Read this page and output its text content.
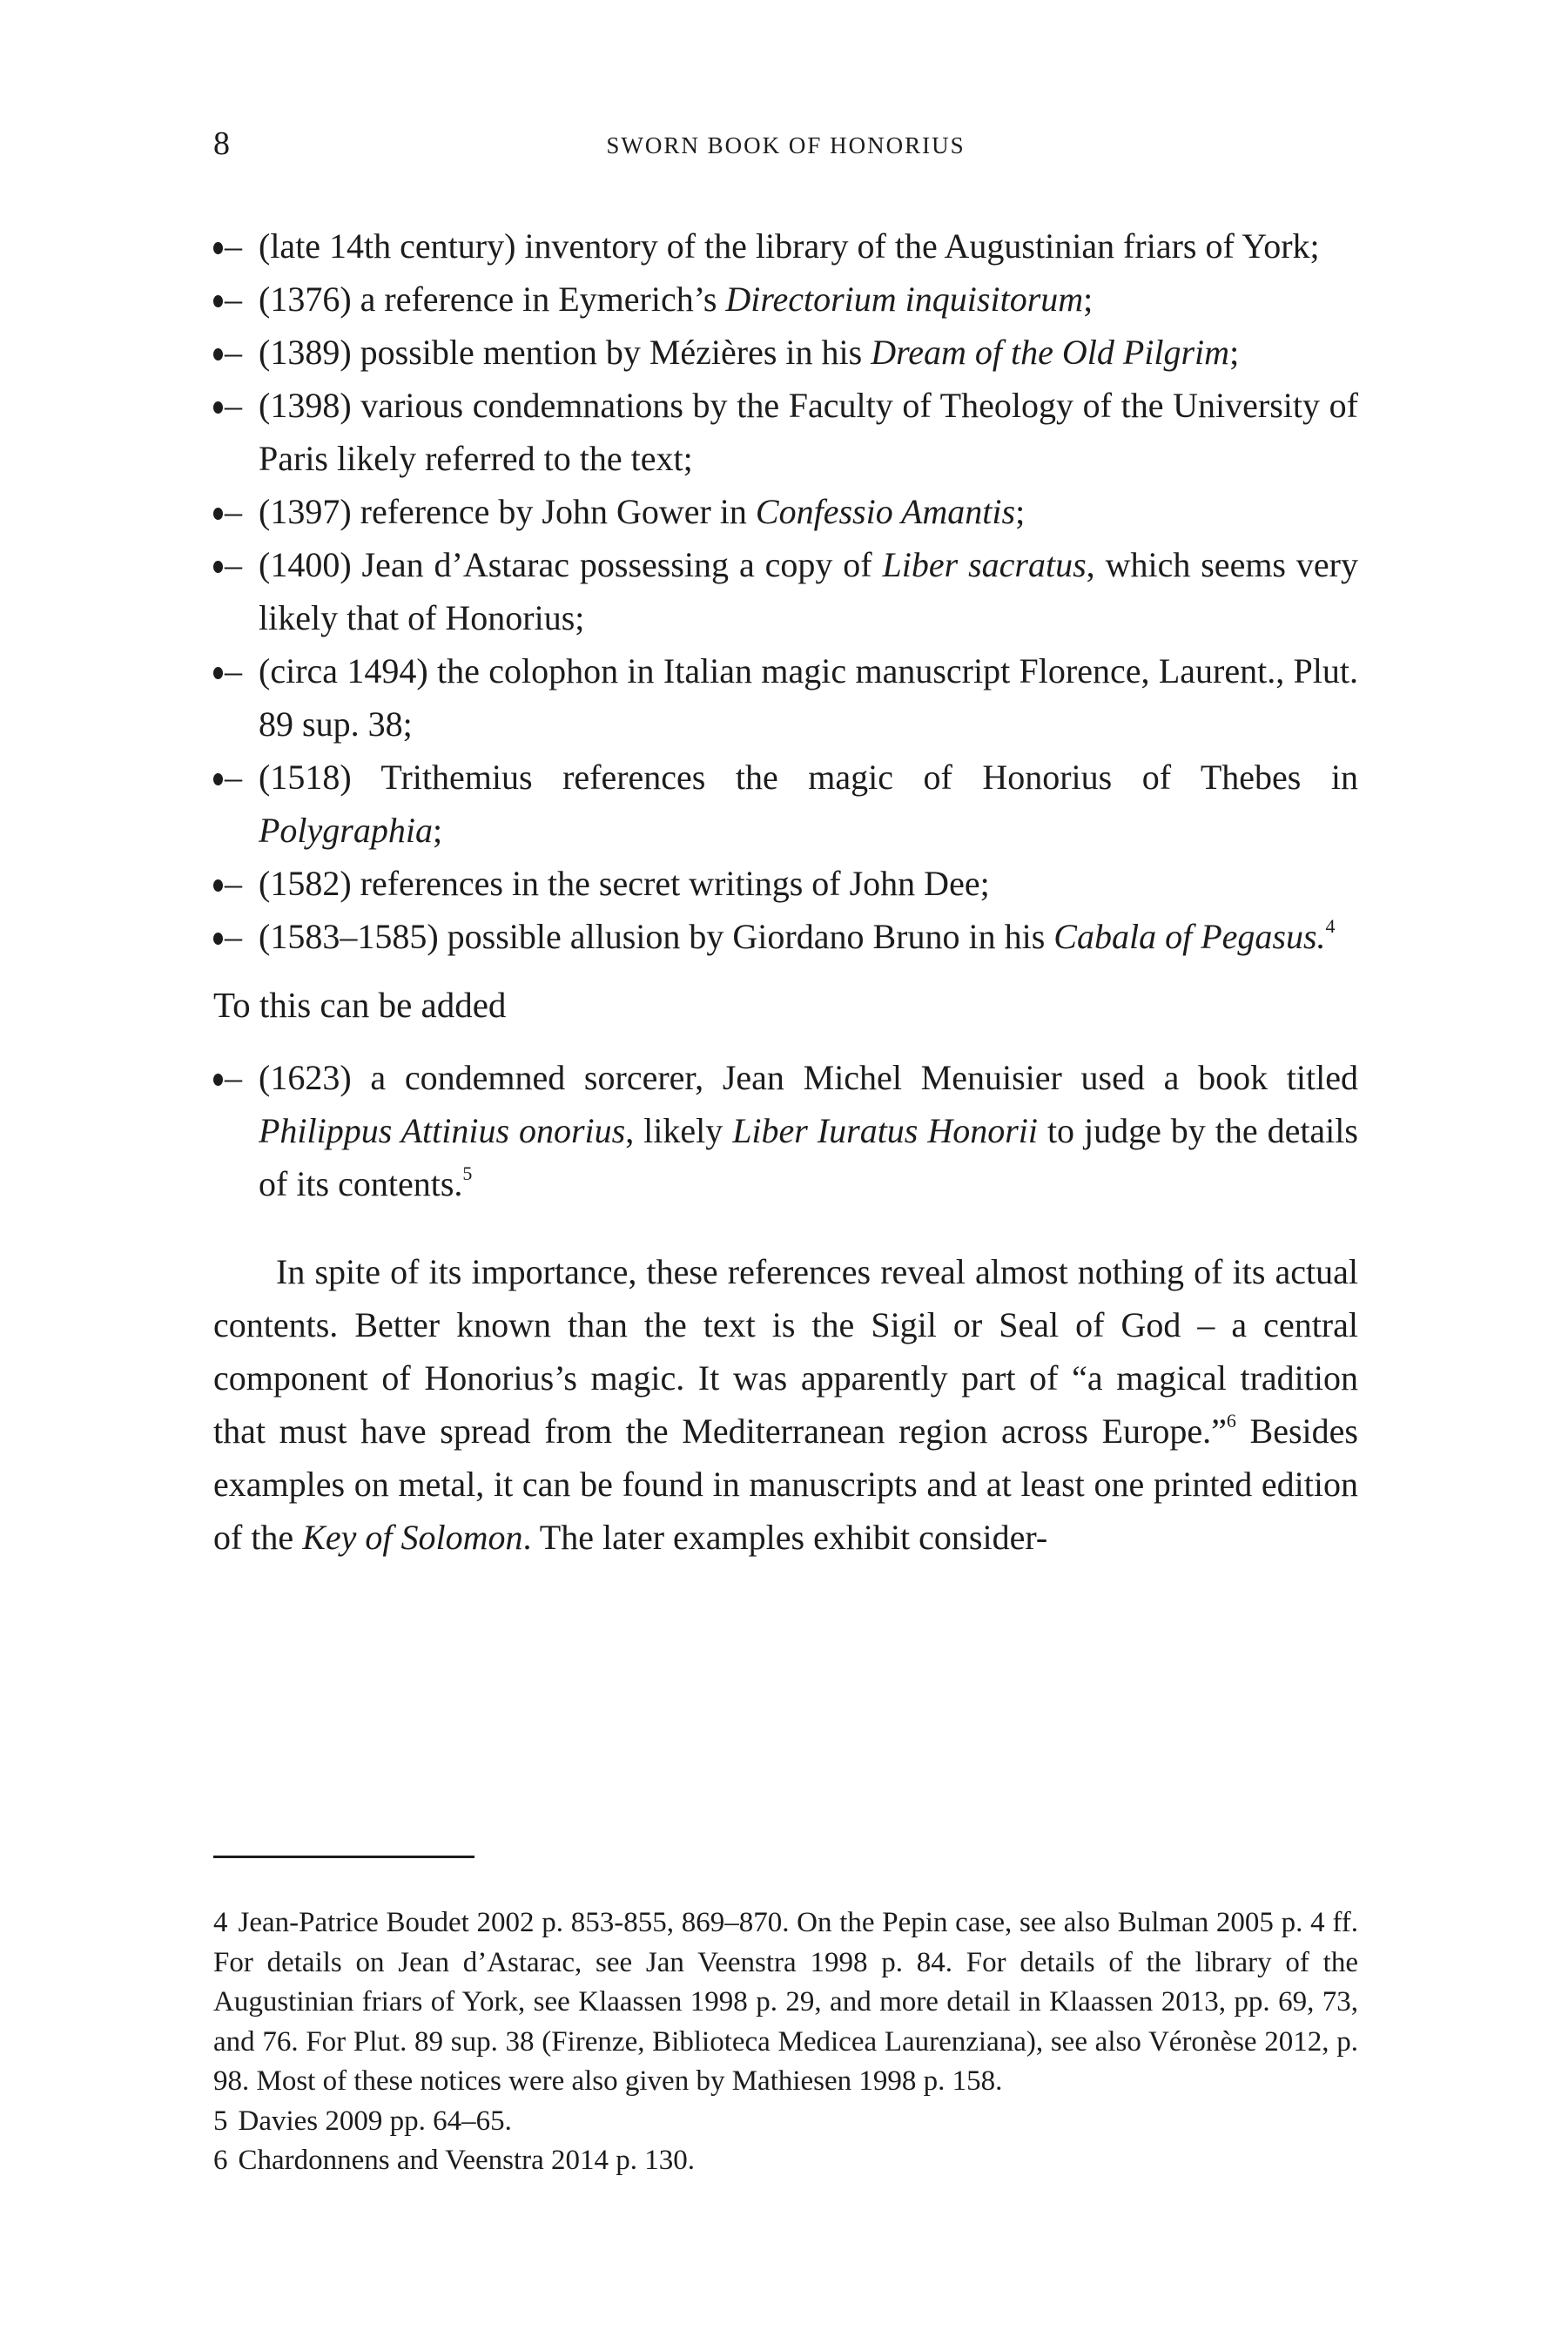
8	SWORN BOOK OF HONORIUS
– (late 14th century) inventory of the library of the Augustinian friars of York;
– (1376) a reference in Eymerich’s Directorium inquisitorum;
– (1389) possible mention by Mézières in his Dream of the Old Pilgrim;
– (1398) various condemnations by the Faculty of Theology of the University of Paris likely referred to the text;
– (1397) reference by John Gower in Confessio Amantis;
– (1400) Jean d’Astarac possessing a copy of Liber sacratus, which seems very likely that of Honorius;
– (circa 1494) the colophon in Italian magic manuscript Florence, Laurent., Plut. 89 sup. 38;
– (1518) Trithemius references the magic of Honorius of Thebes in Polygraphia;
– (1582) references in the secret writings of John Dee;
– (1583–1585) possible allusion by Giordano Bruno in his Cabala of Pegasus.$^4$
To this can be added
– (1623) a condemned sorcerer, Jean Michel Menuisier used a book titled Philippus Attinius onorius, likely Liber Iuratus Honorii to judge by the details of its contents.$^5$

In spite of its importance, these references reveal almost nothing of its actual contents. Better known than the text is the Sigil or Seal of God – a central component of Honorius’s magic. It was apparently part of “a magical tradition that must have spread from the Mediterranean region across Europe.”$^6$ Besides examples on metal, it can be found in manuscripts and at least one printed edition of the Key of Solomon. The later examples exhibit consider-

4 Jean-Patrice Boudet 2002 p. 853-855, 869–870. On the Pepin case, see also Bulman 2005 p. 4 ff. For details on Jean d’Astarac, see Jan Veenstra 1998 p. 84. For details of the library of the Augustinian friars of York, see Klaassen 1998 p. 29, and more detail in Klaassen 2013, pp. 69, 73, and 76. For Plut. 89 sup. 38 (Firenze, Biblioteca Medicea Laurenziana), see also Véronèse 2012, p. 98. Most of these notices were also given by Mathiesen 1998 p. 158.

5 Davies 2009 pp. 64–65.

6 Chardonnens and Veenstra 2014 p. 130.
